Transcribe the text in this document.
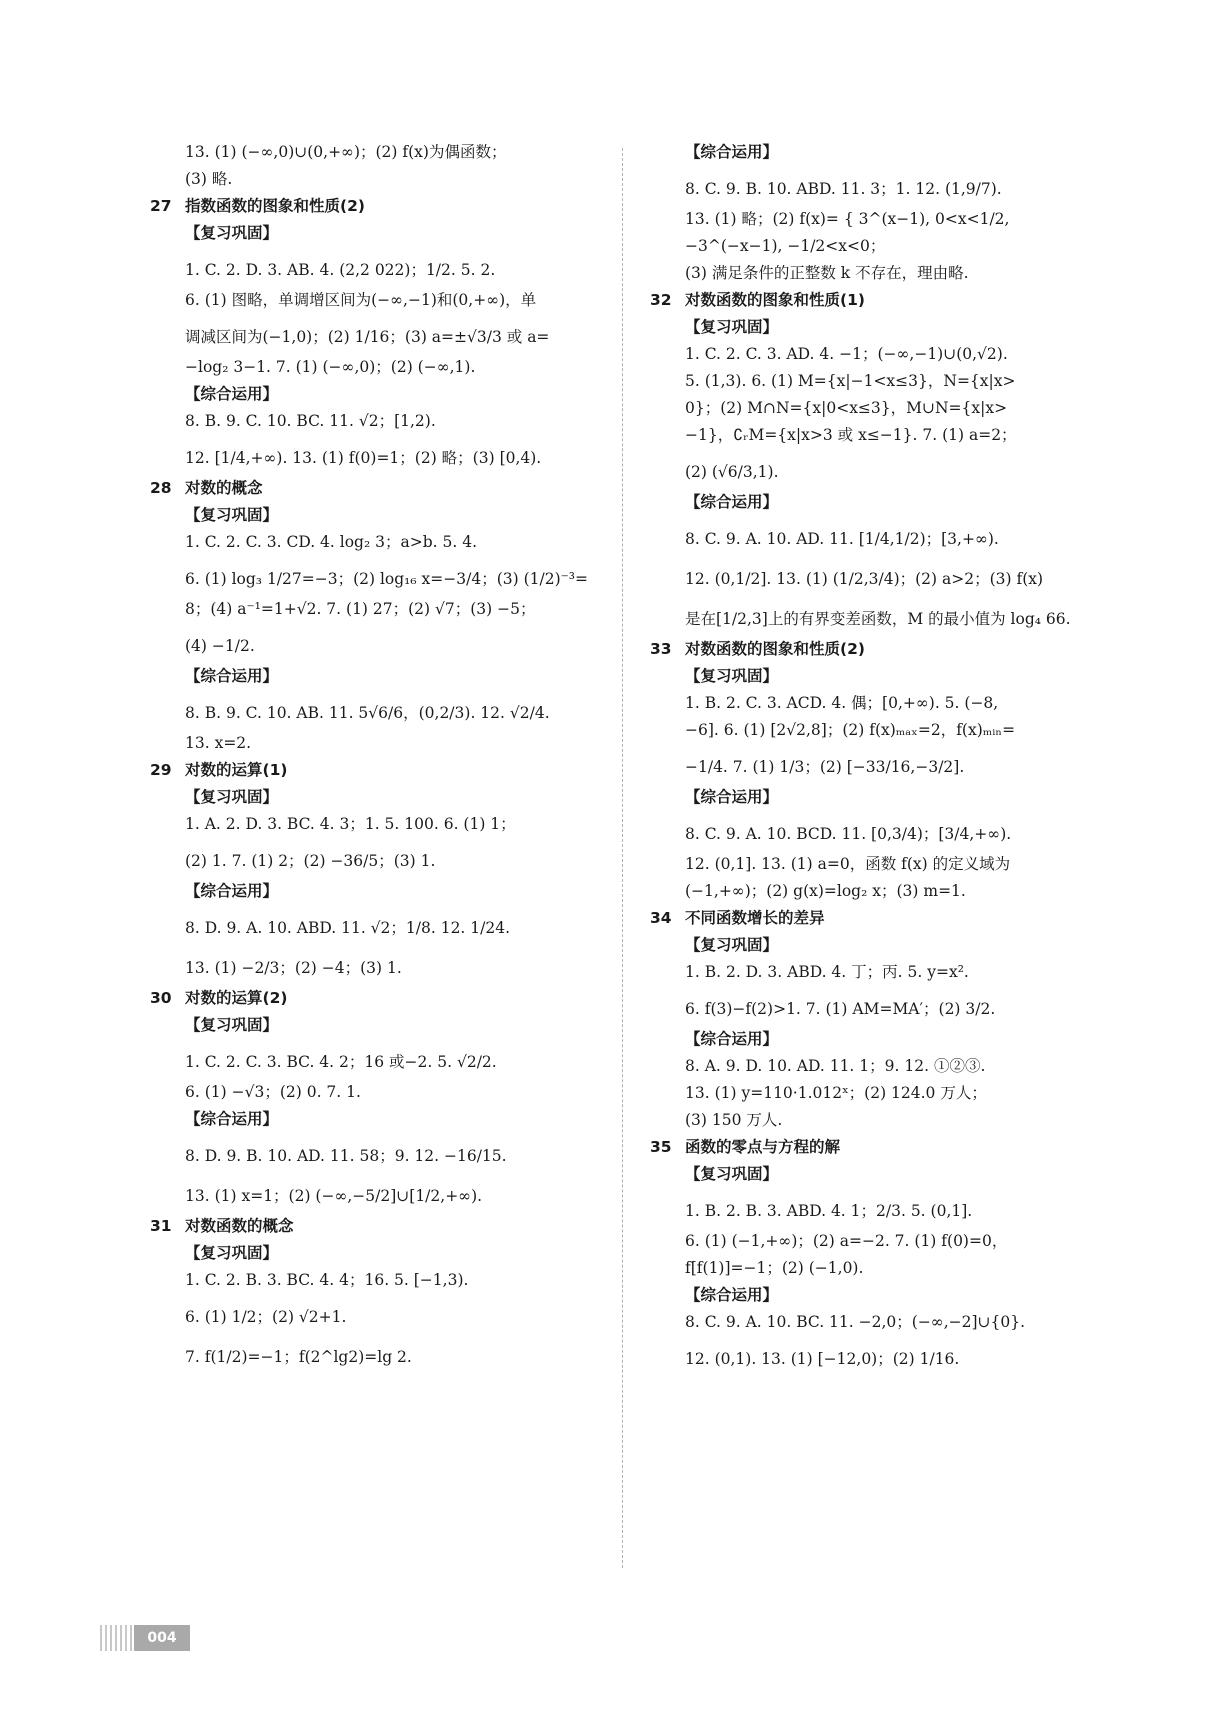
13. (1) (−∞,0)∪(0,+∞)；(2) f(x)为偶函数；
(3) 略.
27 指数函数的图象和性质(2)
【复习巩固】
1. C. 2. D. 3. AB. 4. (2,2 022)；1/2. 5. 2.
6. (1) 图略，单调增区间为(−∞,−1)和(0,+∞)，单
调减区间为(−1,0)；(2) 1/16；(3) a=±√3/3 或 a=
−log₂ 3−1. 7. (1) (−∞,0)；(2) (−∞,1).
【综合运用】
8. B. 9. C. 10. BC. 11. √2；[1,2).
12. [1/4,+∞). 13. (1) f(0)=1；(2) 略；(3) [0,4).
28 对数的概念
【复习巩固】
1. C. 2. C. 3. CD. 4. log₂ 3；a>b. 5. 4.
6. (1) log₃ 1/27=−3；(2) log₁₆ x=−3/4；(3) (1/2)⁻³=
8；(4) a⁻¹=1+√2. 7. (1) 27；(2) √7；(3) −5；
(4) −1/2.
【综合运用】
8. B. 9. C. 10. AB. 11. 5√6/6，(0,2/3). 12. √2/4.
13. x=2.
29 对数的运算(1)
【复习巩固】
1. A. 2. D. 3. BC. 4. 3；1. 5. 100. 6. (1) 1；
(2) 1. 7. (1) 2；(2) −36/5；(3) 1.
【综合运用】
8. D. 9. A. 10. ABD. 11. √2；1/8. 12. 1/24.
13. (1) −2/3；(2) −4；(3) 1.
30 对数的运算(2)
【复习巩固】
1. C. 2. C. 3. BC. 4. 2；16 或−2. 5. √2/2.
6. (1) −√3；(2) 0. 7. 1.
【综合运用】
8. D. 9. B. 10. AD. 11. 58；9. 12. −16/15.
13. (1) x=1；(2) (−∞,−5/2]∪[1/2,+∞).
31 对数函数的概念
【复习巩固】
1. C. 2. B. 3. BC. 4. 4；16. 5. [−1,3).
6. (1) 1/2；(2) √2+1.
7. f(1/2)=−1；f(2^lg2)=lg 2.
【综合运用】
8. C. 9. B. 10. ABD. 11. 3；1. 12. (1,9/7).
13. (1) 略；(2) f(x)= { 3^(x−1), 0<x<1/2,
−3^(−x−1), −1/2<x<0；
(3) 满足条件的正整数 k 不存在，理由略.
32 对数函数的图象和性质(1)
【复习巩固】
1. C. 2. C. 3. AD. 4. −1；(−∞,−1)∪(0,√2).
5. (1,3). 6. (1) M={x|−1<x≤3}，N={x|x>
0}；(2) M∩N={x|0<x≤3}，M∪N={x|x>
−1}，∁ᵣM={x|x>3 或 x≤−1}. 7. (1) a=2；
(2) (√6/3,1).
【综合运用】
8. C. 9. A. 10. AD. 11. [1/4,1/2)；[3,+∞).
12. (0,1/2]. 13. (1) (1/2,3/4)；(2) a>2；(3) f(x)
是在[1/2,3]上的有界变差函数，M 的最小值为 log₄ 66.
33 对数函数的图象和性质(2)
【复习巩固】
1. B. 2. C. 3. ACD. 4. 偶；[0,+∞). 5. (−8,
−6]. 6. (1) [2√2,8]；(2) f(x)ₘₐₓ=2，f(x)ₘᵢₙ=
−1/4. 7. (1) 1/3；(2) [−33/16,−3/2].
【综合运用】
8. C. 9. A. 10. BCD. 11. [0,3/4)；[3/4,+∞).
12. (0,1]. 13. (1) a=0，函数 f(x) 的定义域为
(−1,+∞)；(2) g(x)=log₂ x；(3) m=1.
34 不同函数增长的差异
【复习巩固】
1. B. 2. D. 3. ABD. 4. 丁；丙. 5. y=x².
6. f(3)−f(2)>1. 7. (1) AM=MA′；(2) 3/2.
【综合运用】
8. A. 9. D. 10. AD. 11. 1；9. 12. ①②③.
13. (1) y=110·1.012ˣ；(2) 124.0 万人；
(3) 150 万人.
35 函数的零点与方程的解
【复习巩固】
1. B. 2. B. 3. ABD. 4. 1；2/3. 5. (0,1].
6. (1) (−1,+∞)；(2) a=−2. 7. (1) f(0)=0，
f[f(1)]=−1；(2) (−1,0).
【综合运用】
8. C. 9. A. 10. BC. 11. −2,0；(−∞,−2]∪{0}.
12. (0,1). 13. (1) [−12,0)；(2) 1/16.
004
